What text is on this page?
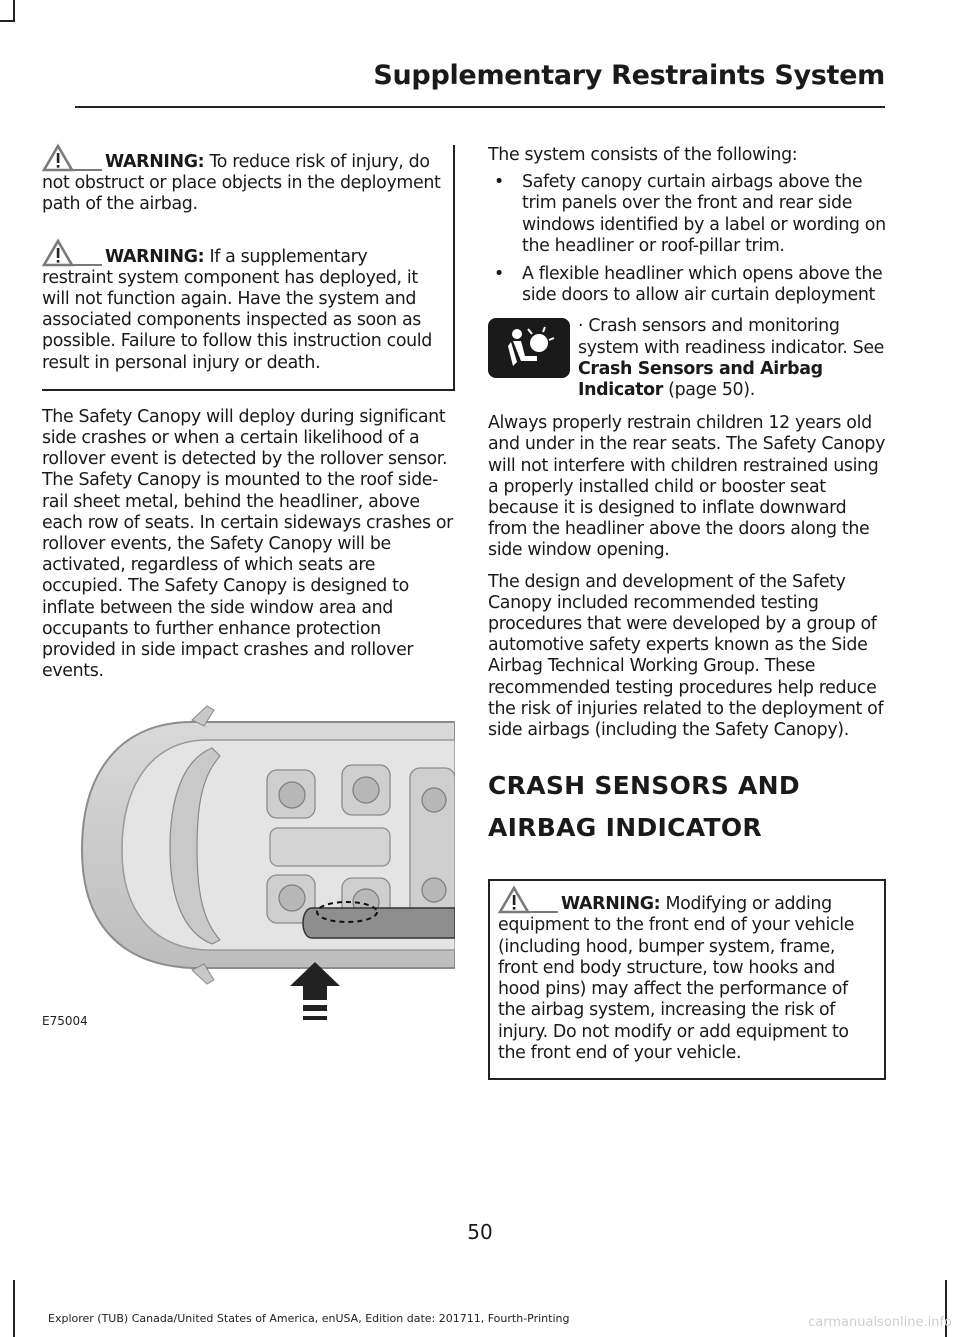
Supplementary Restraints System

WARNING: To reduce risk of injury, do not obstruct or place objects in the deployment path of the airbag.

WARNING: If a supplementary restraint system component has deployed, it will not function again. Have the system and associated components inspected as soon as possible. Failure to follow this instruction could result in personal injury or death.

The Safety Canopy will deploy during significant side crashes or when a certain likelihood of a rollover event is detected by the rollover sensor. The Safety Canopy is mounted to the roof side-rail sheet metal, behind the headliner, above each row of seats. In certain sideways crashes or rollover events, the Safety Canopy will be activated, regardless of which seats are occupied. The Safety Canopy is designed to inflate between the side window area and occupants to further enhance protection provided in side impact crashes and rollover events.

E75004

The system consists of the following:

•	Safety canopy curtain airbags above the trim panels over the front and rear side windows identified by a label or wording on the headliner or roof-pillar trim.
•	A flexible headliner which opens above the side doors to allow air curtain deployment

· Crash sensors and monitoring system with readiness indicator. See Crash Sensors and Airbag Indicator (page 50).

Always properly restrain children 12 years old and under in the rear seats. The Safety Canopy will not interfere with children restrained using a properly installed child or booster seat because it is designed to inflate downward from the headliner above the doors along the side window opening.

The design and development of the Safety Canopy included recommended testing procedures that were developed by a group of automotive safety experts known as the Side Airbag Technical Working Group. These recommended testing procedures help reduce the risk of injuries related to the deployment of side airbags (including the Safety Canopy).

CRASH SENSORS AND
AIRBAG INDICATOR

WARNING: Modifying or adding equipment to the front end of your vehicle (including hood, bumper system, frame, front end body structure, tow hooks and hood pins) may affect the performance of the airbag system, increasing the risk of injury. Do not modify or add equipment to the front end of your vehicle.

50
Explorer (TUB) Canada/United States of America, enUSA, Edition date: 201711, Fourth-Printing	carmanualsonline.info
